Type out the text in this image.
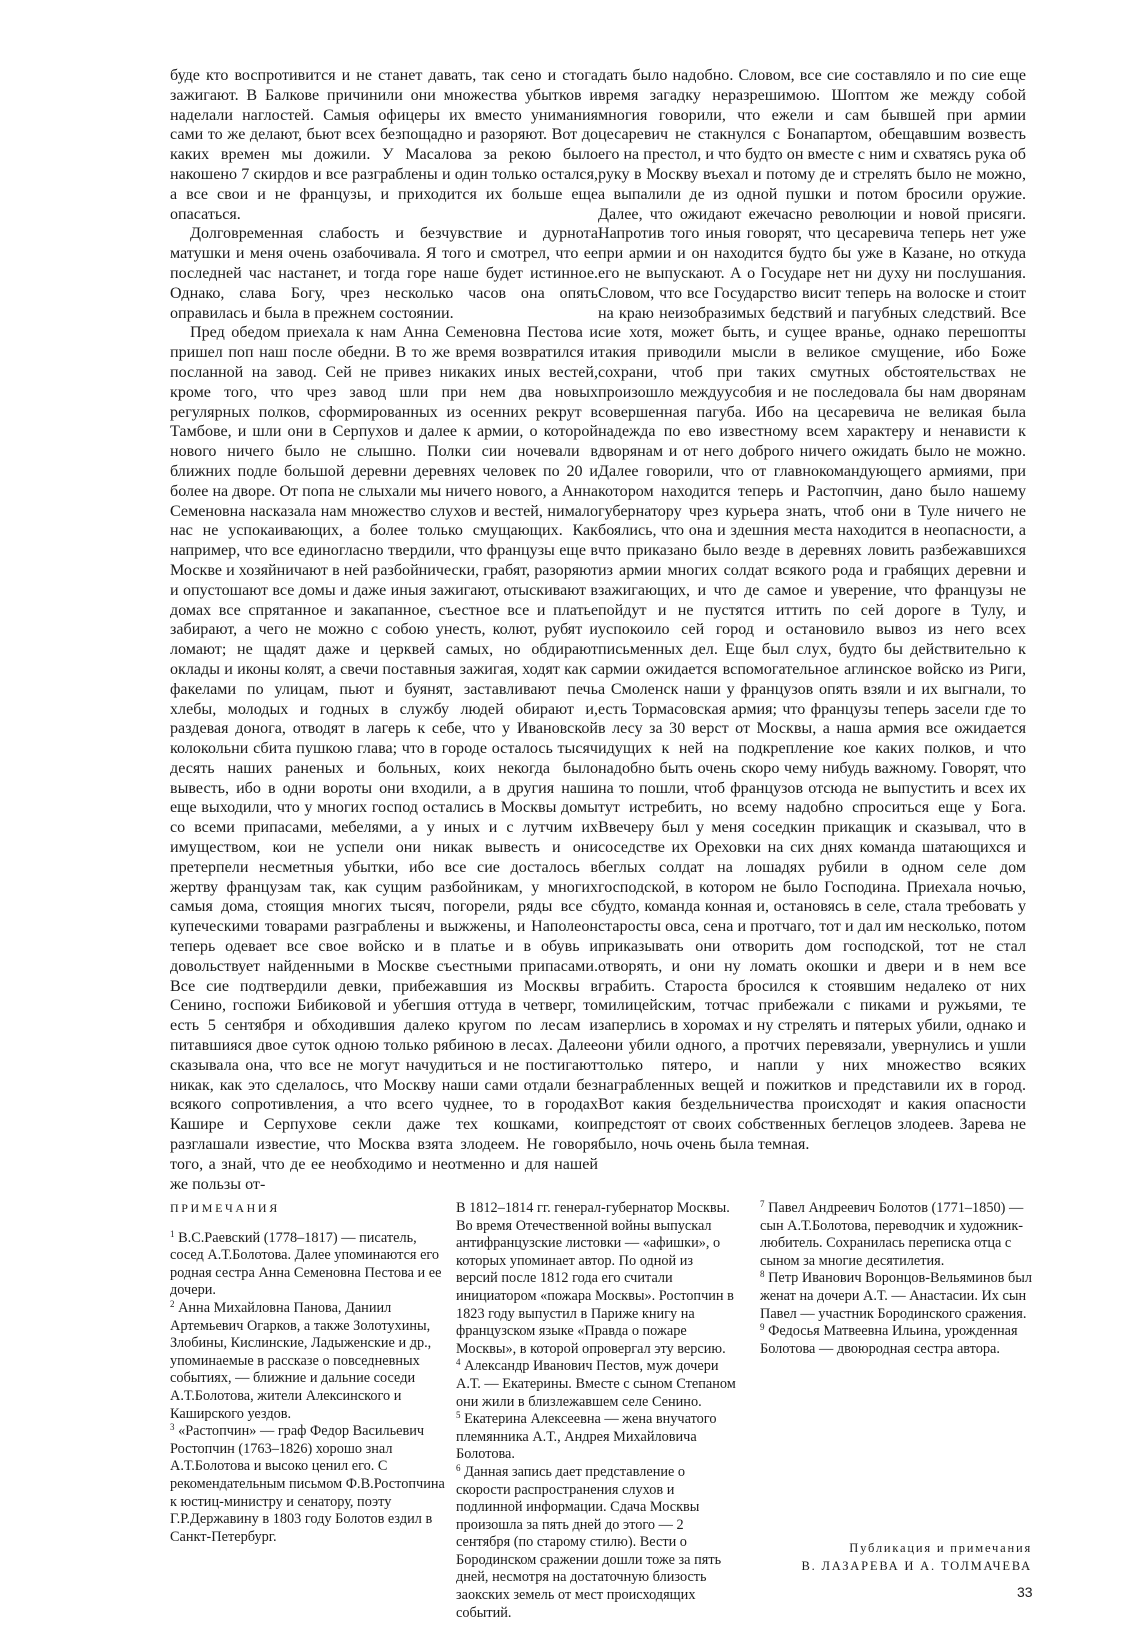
буде кто воспротивится и не станет давать, так сено и стога зажигают. В Балкове причинили они множества убытков и наделали наглостей. Самыя офицеры их вместо унимания сами то же делают, бьют всех безпощадно и разоряют. Вот до каких времен мы дожили. У Масалова за рекою было накошено 7 скирдов и все разграблены и один только остался, а все свои и не французы, и приходится их больше еще опасаться.

Долговременная слабость и безчувствие и дурнота матушки и меня очень озабочивала. Я того и смотрел, что ее последней час настанет, и тогда горе наше будет истинное. Однако, слава Богу, чрез несколько часов она опять оправилась и была в прежнем состоянии.

Пред обедом приехала к нам Анна Семеновна Пестова и пришел поп наш после обедни. В то же время возвратился и посланной на завод. Сей не привез никаких иных вестей, кроме того, что чрез завод шли при нем два новых регулярных полков, сформированных из осенних рекрут в Тамбове, и шли они в Серпухов и далее к армии, о которой нового ничего было не слышно. Полки сии ночевали в ближних подле большой деревни деревнях человек по 20 и более на дворе. От попа не слыхали мы ничего нового, а Анна Семеновна насказала нам множество слухов и вестей, нимало нас не успокаивающих, а более только смущающих. Как например, что все единогласно твердили, что французы еще в Москве и хозяйничают в ней разбойнически, грабят, разоряют и опустошают все домы и даже иныя зажигают, отыскивают в домах все спрятанное и закапанное, съестное все и платье забирают, а чего не можно с собою унесть, колют, рубят и ломают; не щадят даже и церквей самых, но обдирают оклады и иконы колят, а свечи поставныя зажигая, ходят как с факелами по улицам, пьют и буянят, заставливают печь хлебы, молодых и годных в службу людей обирают и, раздевая донога, отводят в лагерь к себе, что у Ивановской колокольни сбита пушкою глава; что в городе осталось тысяч десять наших раненых и больных, коих некогда было вывесть, ибо в одни вороты они входили, а в другия наши еще выходили, что у многих господ остались в Москвы домы со всеми припасами, мебелями, а у иных и с лутчим их имуществом, кои не успели они никак вывесть и они претерпели несметныя убытки, ибо все сие досталось в жертву французам так, как сущим разбойникам, у многих самыя дома, стоящия многих тысяч, погорели, ряды все с купеческими товарами разграблены и выжжены, и Наполеон теперь одевает все свое войско и в платье и в обувь и довольствует найденными в Москве съестными припасами. Все сие подтвердили девки, прибежавшия из Москвы в Сенино, госпожи Бибиковой и убегшия оттуда в четверг, то есть 5 сентября и обходившия далеко кругом по лесам и питавшияся двое суток одною только рябиною в лесах. Далее сказывала она, что все не могут начудиться и не постигают никак, как это сделалось, что Москву наши сами отдали без всякого сопротивления, а что всего чуднее, то в городах Кашире и Серпухове секли даже тех кошками, кои разглашали известие, что Москва взята злодеем. Не говоря того, а знай, что де ее необходимо и неотменно и для нашей же пользы от-

дать было надобно. Словом, все сие составляло и по сие еще время загадку неразрешимою. Шоптом же между собой многия говорили, что ежели и сам бывшей при армии цесаревич не стакнулся с Бонапартом, обещавшим возвесть его на престол, и что будто он вместе с ним и схватясь рука об руку в Москву въехал и потому де и стрелять было не можно, а выпалили де из одной пушки и потом бросили оружие. Далее, что ожидают ежечасно революции и новой присяги. Напротив того иныя говорят, что цесаревича теперь нет уже при армии и он находится будто бы уже в Казане, но откуда его не выпускают. А о Государе нет ни духу ни послушания. Словом, что все Государство висит теперь на волоске и стоит на краю неизобразимых бедствий и пагубных следствий. Все сие хотя, может быть, и сущее вранье, однако перешопты такия приводили мысли в великое смущение, ибо Боже сохрани, чтоб при таких смутных обстоятельствах не произошло междуусобия и не последовала бы нам дворянам совершенная пагуба. Ибо на цесаревича не великая была надежда по ево известному всем характеру и ненависти к дворянам и от него доброго ничего ожидать было не можно. Далее говорили, что от главнокомандующего армиями, при котором находится теперь и Растопчин, дано было нашему губернатору чрез курьера знать, чтоб они в Туле ничего не боялись, что она и здешния места находится в неопасности, а что приказано было везде в деревнях ловить разбежавшихся из армии многих солдат всякого рода и грабящих деревни и зажигающих, и что де самое и уверение, что французы не пойдут и не пустятся иттить по сей дороге в Тулу, и успокоило сей город и остановило вывоз из него всех письменных дел. Еще был слух, будто бы действительно к армии ожидается вспомогательное аглинское войско из Риги, а Смоленск наши у французов опять взяли и их выгнали, то есть Тормасовская армия; что французы теперь засели где то в лесу за 30 верст от Москвы, а наша армия все ожидается идущих к ней на подкрепление кое каких полков, и что надобно быть очень скоро чему нибудь важному. Говорят, что на то пошли, чтоб французов отсюда не выпустить и всех их тут истребить, но всему надобно спроситься еще у Бога. Ввечеру был у меня соседкин прикащик и сказывал, что в соседстве их Ореховки на сих днях команда шатающихся и беглых солдат на лошадях рубили в одном селе дом господской, в котором не было Господина. Приехала ночью, будто, команда конная и, остановясь в селе, стала требовать у старосты овса, сена и протчаго, тот и дал им несколько, потом приказывать они отворить дом господской, тот не стал отворять, и они ну ломать окошки и двери и в нем все грабить. Староста бросился к стоявшим недалеко от них милицейским, тотчас прибежали с пиками и ружьями, те заперлись в хоромах и ну стрелять и пятерых убили, однако и они убили одного, а протчих перевязали, увернулись и ушли только пятеро, и напли у них множество всяких награбленных вещей и пожитков и представили их в город. Вот какия бездельничества происходят и какия опасности предстоят от своих собственных беглецов злодеев. Зарева не было, ночь очень была темная.

ПРИМЕЧАНИЯ

$^1$ В.С.Раевский (1778–1817) — писатель, сосед А.Т.Болотова. Далее упоминаются его родная сестра Анна Семеновна Пестова и ее дочери.

$^2$ Анна Михайловна Панова, Даниил Артемьевич Огарков, а также Золотухины, Злобины, Кислинские, Ладыженские и др., упоминаемые в рассказе о повседневных событиях, — ближние и дальние соседи А.Т.Болотова, жители Алексинского и Каширского уездов.

$^3$ «Растопчин» — граф Федор Васильевич Ростопчин (1763–1826) хорошо знал А.Т.Болотова и высоко ценил его. С рекомендательным письмом Ф.В.Ростопчина к юстиц-министру и сенатору, поэту Г.Р.Державину в 1803 году Болотов ездил в Санкт-Петербург.

В 1812–1814 гг. генерал-губернатор Москвы. Во время Отечественной войны выпускал антифранцузские листовки — «афишки», о которых упоминает автор. По одной из версий после 1812 года его считали инициатором «пожара Москвы». Ростопчин в 1823 году выпустил в Париже книгу на французском языке «Правда о пожаре Москвы», в которой опровергал эту версию.

$^4$ Александр Иванович Пестов, муж дочери А.Т. — Екатерины. Вместе с сыном Степаном они жили в близлежавшем селе Сенино.

$^5$ Екатерина Алексеевна — жена внучатого племянника А.Т., Андрея Михайловича Болотова.

$^6$ Данная запись дает представление о скорости распространения слухов и подлинной информации. Сдача Москвы произошла за пять дней до этого — 2 сентября (по старому стилю). Вести о Бородинском сражении дошли тоже за пять дней, несмотря на достаточную близость заокских земель от мест происходящих событий.

$^7$ Павел Андреевич Болотов (1771–1850) — сын А.Т.Болотова, переводчик и художник-любитель. Сохранилась переписка отца с сыном за многие десятилетия.

$^8$ Петр Иванович Воронцов-Вельяминов был женат на дочери А.Т. — Анастасии. Их сын Павел — участник Бородинского сражения.

$^9$ Федосья Матвеевна Ильина, урожденная Болотова — двоюродная сестра автора.

Публикация и примечания
В. ЛАЗАРЕВА И А. ТОЛМАЧЕВА
33
